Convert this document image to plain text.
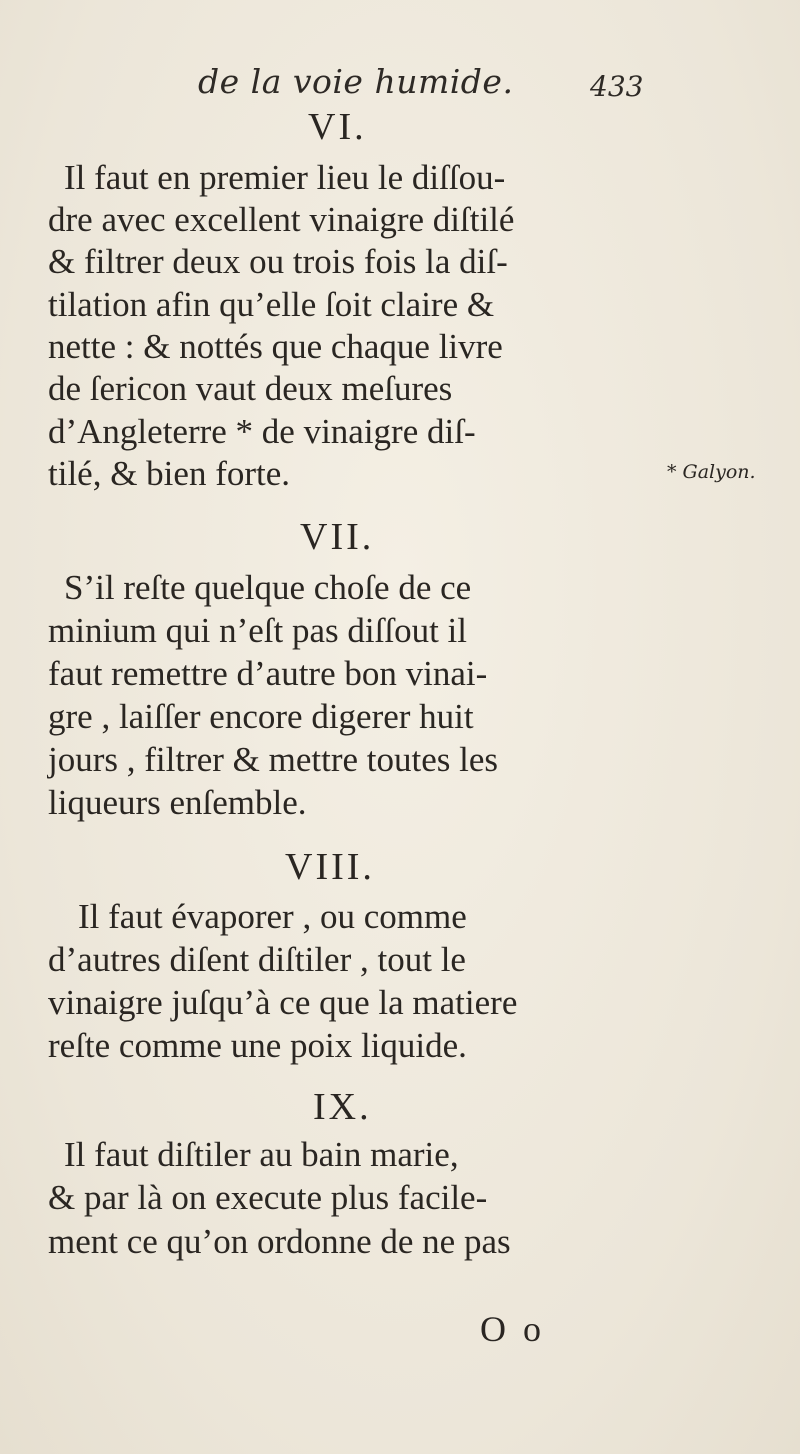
de la voie humide.	433
VI.
Il faut en premier lieu le diſſou-
dre avec excellent vinaigre diſtilé
& filtrer deux ou trois fois la diſ-
tilation afin qu’elle ſoit claire &
nette : & nottés que chaque livre
de ſericon vaut deux meſures
d’Angleterre * de vinaigre diſ-
tilé, & bien forte.	* Galyon.
VII.
S’il reſte quelque choſe de ce
minium qui n’eſt pas diſſout il
faut remettre d’autre bon vinai-
gre , laiſſer encore digerer huit
jours , filtrer & mettre toutes les
liqueurs enſemble.
VIII.
Il faut évaporer , ou comme
d’autres diſent diſtiler , tout le
vinaigre juſqu’à ce que la matiere
reſte comme une poix liquide.
IX.
Il faut diſtiler au bain marie,
& par là on execute plus facile-
ment ce qu’on ordonne de ne pas
O o
